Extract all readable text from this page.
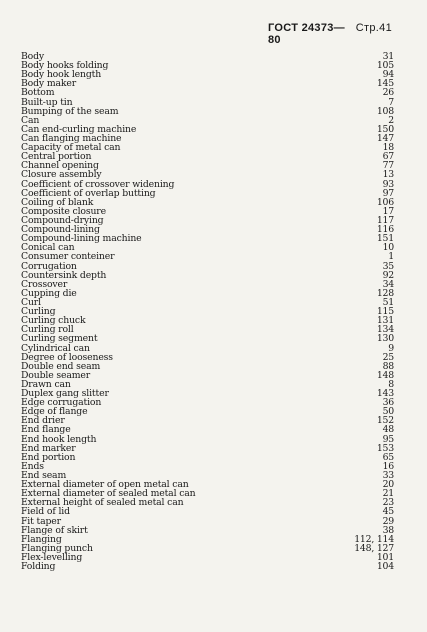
ГОСТ 24373—80
Стр. 41
Body	31
Body hooks folding	105
Body hook length	94
Body maker	145
Bottom	26
Built-up tin	7
Bumping of the seam	108
Can	2
Can end-curling machine	150
Can flanging machine	147
Capacity of metal can	18
Central portion	67
Channel opening	77
Closure assembly	13
Coefficient of crossover widening	93
Coefficient of overlap butting	97
Coiling of blank	106
Composite closure	17
Compound-drying	117
Compound-lining	116
Compound-lining machine	151
Conical can	10
Consumer conteiner	1
Corrugation	35
Countersink depth	92
Crossover	34
Cupping die	128
Curl	51
Curling	115
Curling chuck	131
Curling roll	134
Curling segment	130
Cylindrical can	9
Degree of looseness	25
Double end seam	88
Double seamer	148
Drawn can	8
Duplex gang slitter	143
Edge corrugation	36
Edge of flange	50
End drier	152
End flange	48
End hook length	95
End marker	153
End portion	65
Ends	16
End seam	33
External diameter of open metal can	20
External diameter of sealed metal can	21
External height of sealed metal can	23
Field of lid	45
Fit taper	29
Flange of skirt	38
Flanging	112, 114
Flanging punch	148, 127
Flex-levelling	101
Folding	104
